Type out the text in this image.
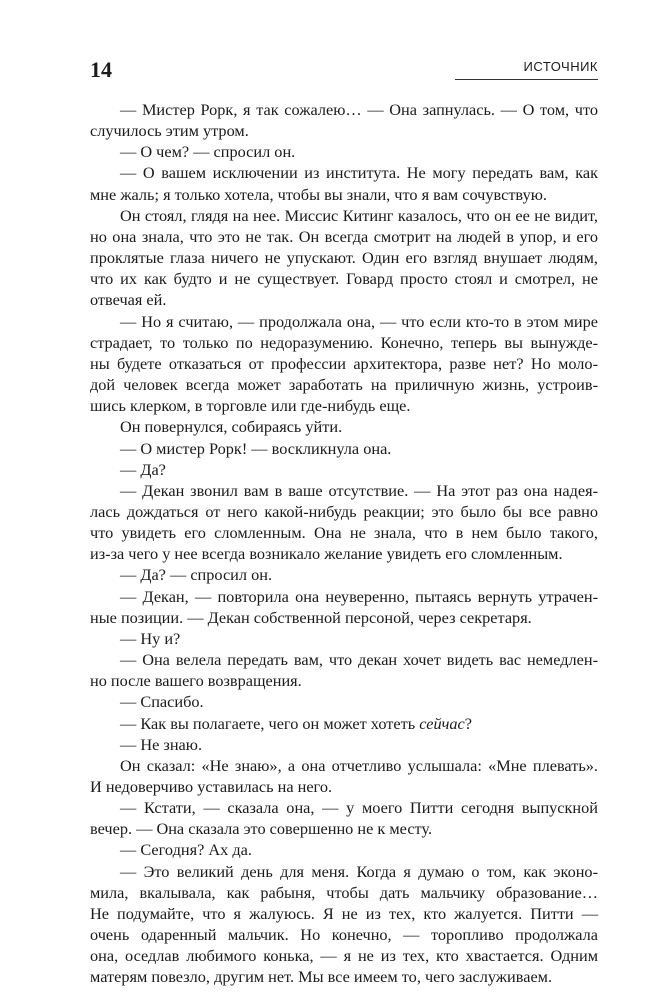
14	ИСТОЧНИК

— Мистер Рорк, я так сожалею… — Она запнулась. — О том, что
случилось этим утром.

— О чем? — спросил он.

— О вашем исключении из института. Не могу передать вам, как
мне жаль; я только хотела, чтобы вы знали, что я вам сочувствую.

Он стоял, глядя на нее. Миссис Китинг казалось, что он ее не видит,
но она знала, что это не так. Он всегда смотрит на людей в упор, и его
проклятые глаза ничего не упускают. Один его взгляд внушает людям,
что их как будто и не существует. Говард просто стоял и смотрел, не
отвечая ей.

— Но я считаю, — продолжала она, — что если кто-то в этом мире
страдает, то только по недоразумению. Конечно, теперь вы вынужде-
ны будете отказаться от профессии архитектора, разве нет? Но моло-
дой человек всегда может заработать на приличную жизнь, устроив-
шись клерком, в торговле или где-нибудь еще.

Он повернулся, собираясь уйти.

— О мистер Рорк! — воскликнула она.

— Да?

— Декан звонил вам в ваше отсутствие. — На этот раз она надея-
лась дождаться от него какой-нибудь реакции; это было бы все равно
что увидеть его сломленным. Она не знала, что в нем было такого,
из-за чего у нее всегда возникало желание увидеть его сломленным.

— Да? — спросил он.

— Декан, — повторила она неуверенно, пытаясь вернуть утрачен-
ные позиции. — Декан собственной персоной, через секретаря.

— Ну и?

— Она велела передать вам, что декан хочет видеть вас немедлен-
но после вашего возвращения.

— Спасибо.

— Как вы полагаете, чего он может хотеть сейчас?

— Не знаю.

Он сказал: «Не знаю», а она отчетливо услышала: «Мне плевать».
И недоверчиво уставилась на него.

— Кстати, — сказала она, — у моего Питти сегодня выпускной
вечер. — Она сказала это совершенно не к месту.

— Сегодня? Ах да.

— Это великий день для меня. Когда я думаю о том, как эконо-
мила, вкалывала, как рабыня, чтобы дать мальчику образование…
Не подумайте, что я жалуюсь. Я не из тех, кто жалуется. Питти —
очень одаренный мальчик. Но конечно, — торопливо продолжала
она, оседлав любимого конька, — я не из тех, кто хвастается. Одним
матерям повезло, другим нет. Мы все имеем то, чего заслуживаем.
